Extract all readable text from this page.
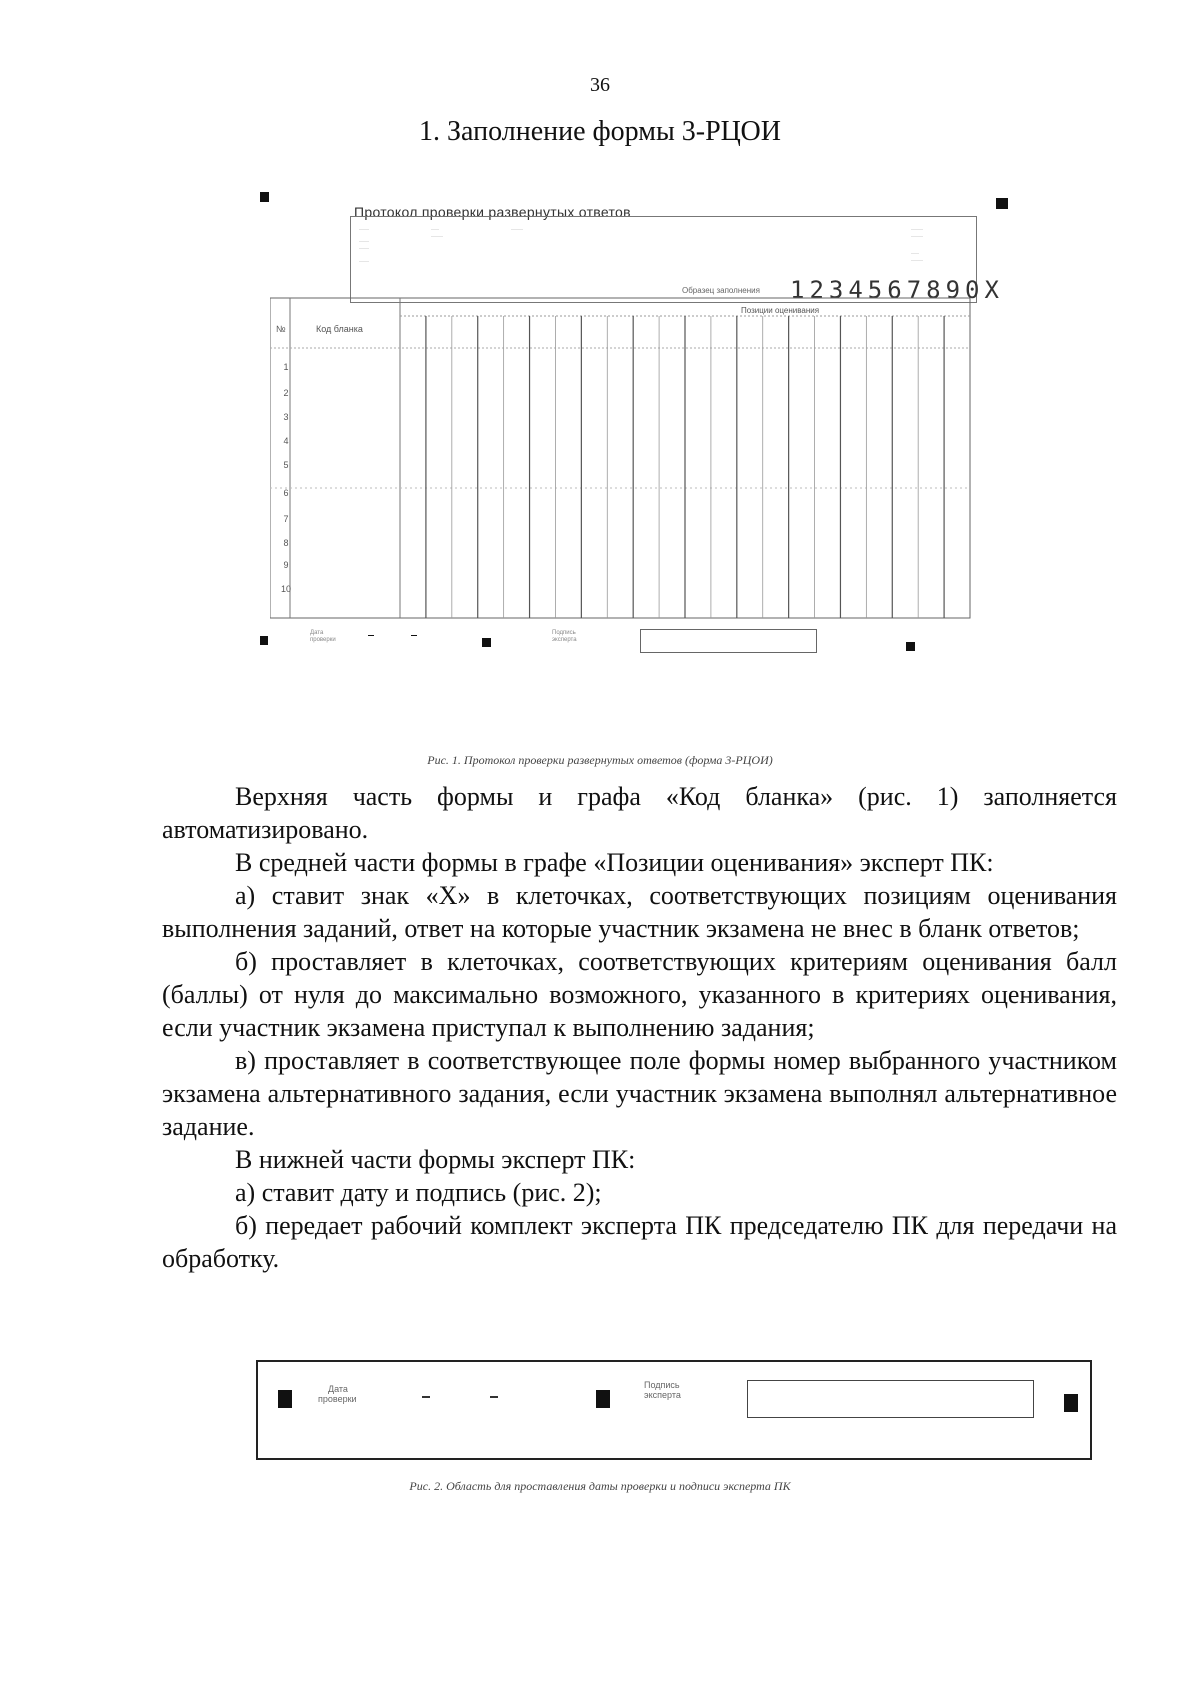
36
1. Заполнение формы 3-РЦОИ
Протокол проверки развернутых ответов
·····
·····
·····
·····
····
······
······	······
······
····
······
Образец заполнения 1234567890X
Позиции оценивания
№	Код бланка
1
2
3
4
5
6
7
8
9
10
Дата проверки
Подпись эксперта
Рис. 1. Протокол проверки развернутых ответов (форма 3-РЦОИ)

Верхняя часть формы и графа «Код бланка» (рис. 1) заполняется автоматизировано.

В средней части формы в графе «Позиции оценивания» эксперт ПК:

а) ставит знак «X» в клеточках, соответствующих позициям оценивания выполнения заданий, ответ на которые участник экзамена не внес в бланк ответов;

б) проставляет в клеточках, соответствующих критериям оценивания балл (баллы) от нуля до максимально возможного, указанного в критериях оценивания, если участник экзамена приступал к выполнению задания;

в) проставляет в соответствующее поле формы номер выбранного участником экзамена альтернативного задания, если участник экзамена выполнял альтернативное задание.

В нижней части формы эксперт ПК:

а) ставит дату и подпись (рис. 2);

б) передает рабочий комплект эксперта ПК председателю ПК для передачи на обработку.

Дата
проверки
Подпись
эксперта
Рис. 2. Область для проставления даты проверки и подписи эксперта ПК
